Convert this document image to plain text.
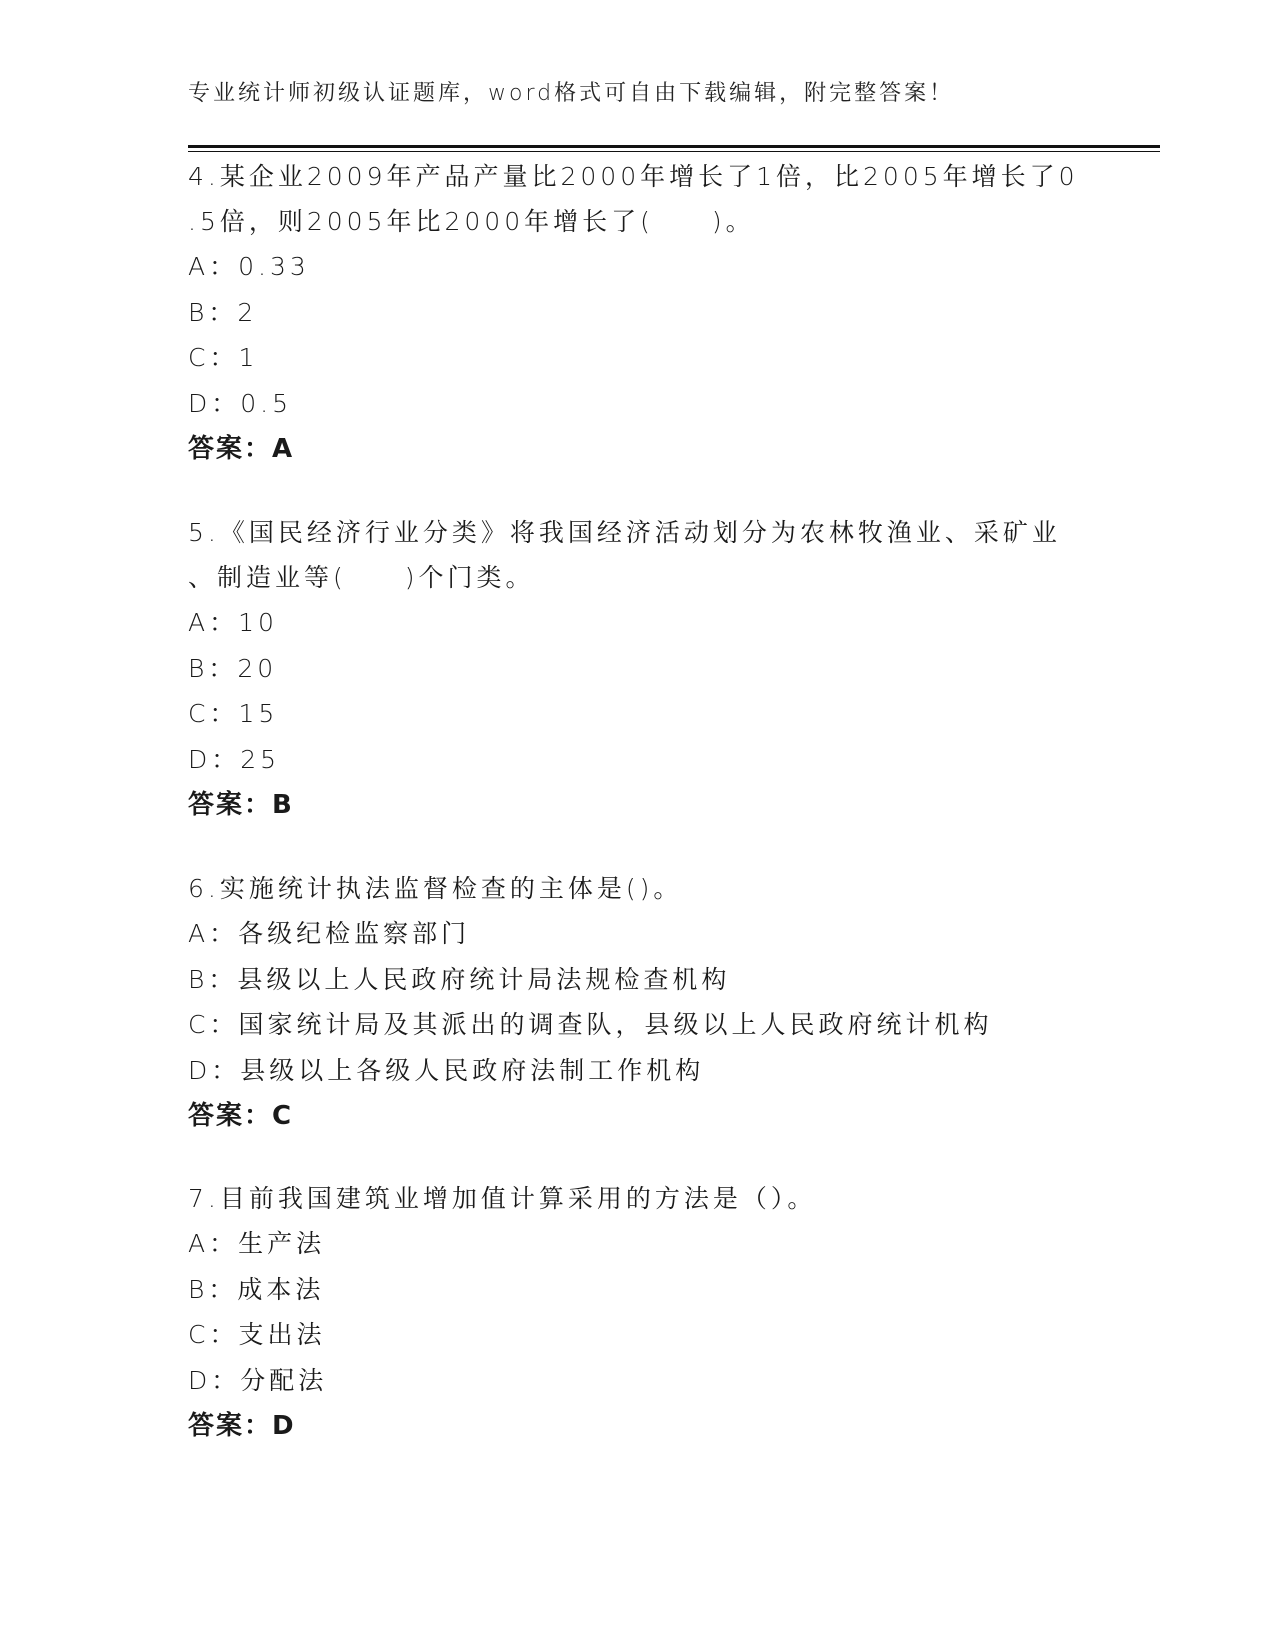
专业统计师初级认证题库，word格式可自由下载编辑，附完整答案！

4.某企业2009年产品产量比2000年增长了1倍，比2005年增长了0

.5倍，则2005年比2000年增长了(　　)。

A：0.33

B：2

C：1

D：0.5

答案：A

5.《国民经济行业分类》将我国经济活动划分为农林牧渔业、采矿业

、制造业等(　　)个门类。

A：10

B：20

C：15

D：25

答案：B

6.实施统计执法监督检查的主体是()。

A：各级纪检监察部门

B：县级以上人民政府统计局法规检查机构

C：国家统计局及其派出的调查队，县级以上人民政府统计机构

D：县级以上各级人民政府法制工作机构

答案：C

7.目前我国建筑业增加值计算采用的方法是（）。

A：生产法

B：成本法

C：支出法

D：分配法

答案：D
